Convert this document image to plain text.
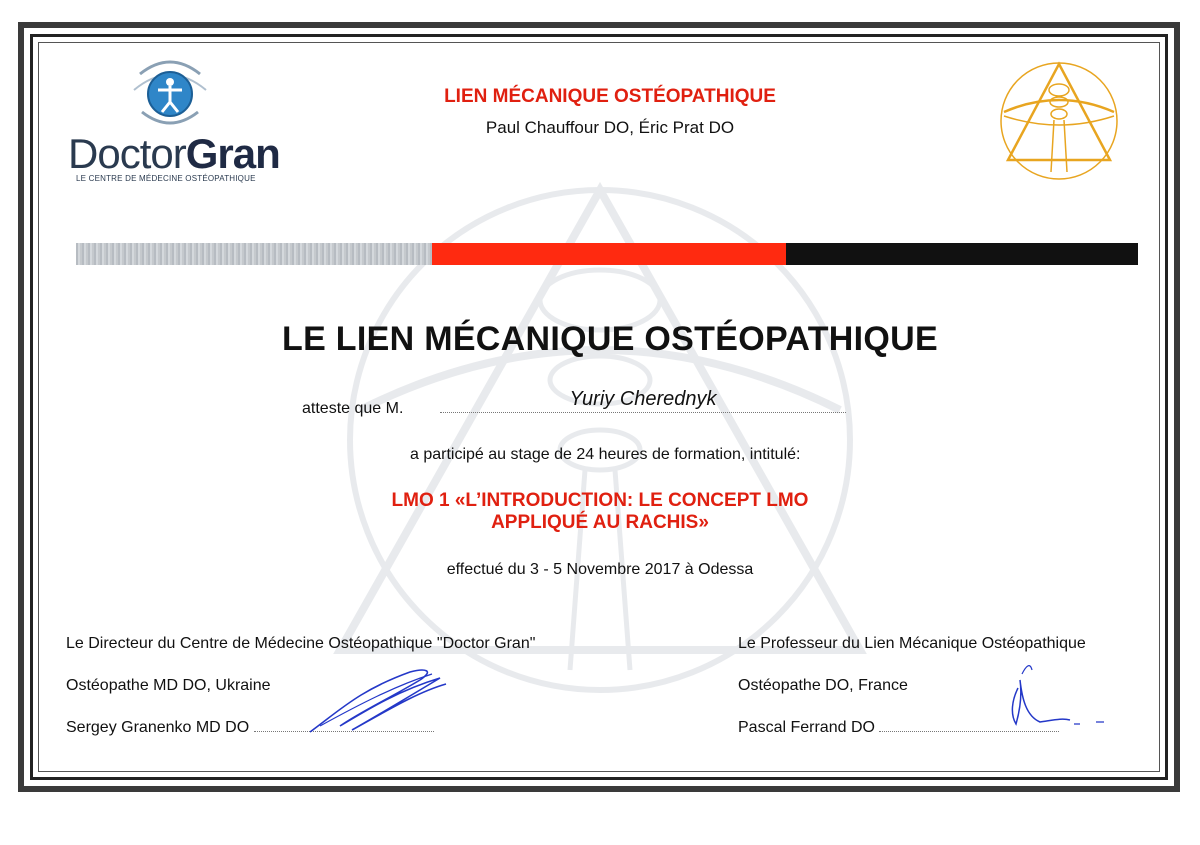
DoctorGran
LE CENTRE DE MÉDECINE OSTÉOPATHIQUE
LIEN MÉCANIQUE OSTÉOPATHIQUE
Paul Chauffour DO, Éric Prat DO
LE LIEN MÉCANIQUE OSTÉOPATHIQUE
atteste que M.	Yuriy Cherednyk
a participé au stage de 24 heures de formation, intitulé:
LMO 1 «L’INTRODUCTION: LE CONCEPT LMO
APPLIQUÉ AU RACHIS»
effectué du 3 - 5 Novembre 2017 à Odessa
Le Directeur du Centre de Médecine Ostéopathique "Doctor Gran"
Ostéopathe MD DO, Ukraine
Sergey Granenko MD DO
Le Professeur du Lien Mécanique Ostéopathique
Ostéopathe DO, France
Pascal Ferrand DO
